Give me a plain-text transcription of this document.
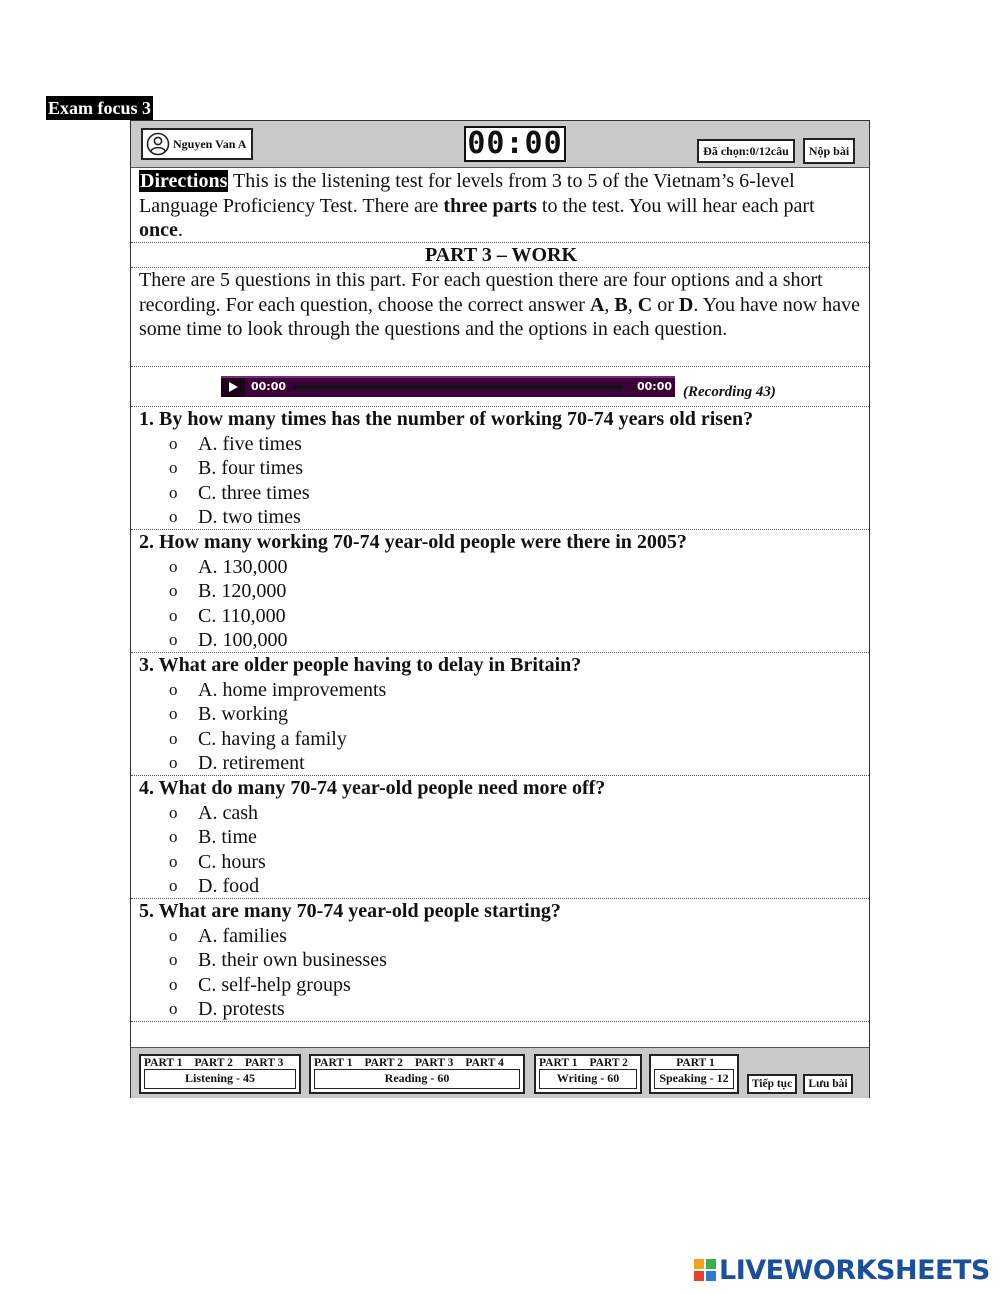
Exam focus 3
Nguyen Van A	00:00	Đã chọn:0/12câu	Nộp bài
Directions This is the listening test for levels from 3 to 5 of the Vietnam’s 6-level Language Proficiency Test. There are three parts to the test. You will hear each part once.
PART 3 – WORK
There are 5 questions in this part. For each question there are four options and a short recording. For each question, choose the correct answer A, B, C or D. You have now have some time to look through the questions and the options in each question.
00:00	00:00 (Recording 43)
1. By how many times has the number of working 70-74 years old risen?
o A. five times
o B. four times
o C. three times
o D. two times
2. How many working 70-74 year-old people were there in 2005?
o A. 130,000
o B. 120,000
o C. 110,000
o D. 100,000
3. What are older people having to delay in Britain?
o A. home improvements
o B. working
o C. having a family
o D. retirement
4. What do many 70-74 year-old people need more off?
o A. cash
o B. time
o C. hours
o D. food
5. What are many 70-74 year-old people starting?
o A. families
o B. their own businesses
o C. self-help groups
o D. protests
PART 1 PART 2 PART 3
Listening - 45
PART 1 PART 2 PART 3 PART 4
Reading - 60
PART 1 PART 2
Writing - 60
PART 1
Speaking - 12	Tiếp tục	Lưu bài
LIVEWORKSHEETS
